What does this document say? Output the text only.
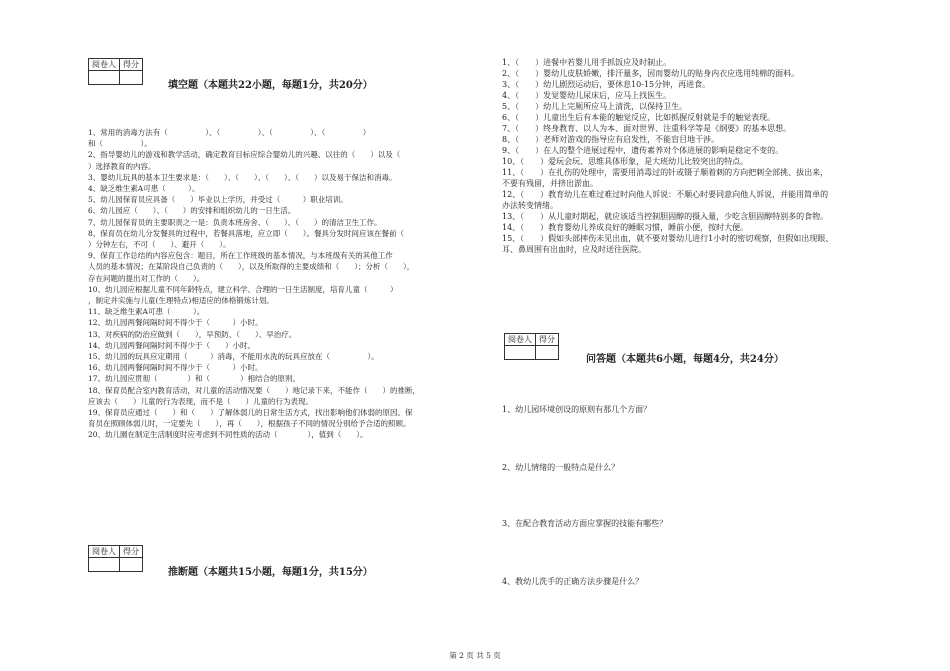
阅卷人	得分

填空题（本题共22小题，每题1分，共20分）

1、常用的消毒方法有（　　　　　）、（　　　　　）、（　　　　　）、（　　　　　）

和（　　　　　）。

2、指导婴幼儿的游戏和教学活动，确定教育目标应综合婴幼儿的兴趣、以往的（　　）以及（

）选择教育的内容。

3、婴幼儿玩具的基本卫生要求是：（　　）、（　　）、（　　）、（　　）以及易于保洁和消毒。

4、缺乏维生素A可患（　　　）。

5、幼儿园保育员应具备（　　）毕业以上学历，并受过（　　　）职业培训。

6、幼儿园应（　　）、（　　）的安排和组织幼儿的一日生活。

7、幼儿园保育员的主要职责之一是：负责本班房舍、（　　）、（　　）的清洁卫生工作。

8、保育员在幼儿分发餐具的过程中，若餐具落地，应立即（　　）。餐具分发时间应该在餐前（

）分钟左右，不可（　　）、避开（　　）。

9、保育工作总结的内容应包含：题目，所在工作班级的基本情况，与本班级有关的其他工作

人员的基本情况；在某阶段自己负责的（　　），以及所取得的主要成绩和（　　）；分析（　　），

存在问题的提出对工作的（　　）。

10、幼儿园应根据儿童不同年龄特点，建立科学、合理的一日生活制度，培育儿童（　　　）

，制定并实施与儿童(生理特点)相适应的体格锻炼计划。

11、缺乏维生素A可患（　　　）。

12、幼儿园两餐间隔时间不得少于（　　　）小时。

13、对疾病的防治应做到（　　），早预防、（　　）、早治疗。

14、幼儿园两餐间隔时间不得少于（　　）小时。

15、幼儿园的玩具应定期用（　　　）消毒，不能用水洗的玩具应放在（　　　　　）。

16、幼儿园两餐间隔时间不得少于（　　　）小时。

17、幼儿园应贯彻（　　　　）和（　　　　）相结合的原则。

18、保育员配合室内教育活动，对儿童的活动情况要（　　）地记录下来，不能作（　　）的推断，

应该去（　　）儿童的行为表现，而不是（　　）儿童的行为表现。

19、保育员应通过（　　）和（　　）了解体弱儿的日常生活方式，找出影响他们体弱的原因。保

育员在照顾体弱儿时，一定要先（　　），再（　　），根据孩子不同的情况分别给予合适的照顾。

20、幼儿園在制定生活制度时应考虑到不同性质的活动（　　　　），值到（　　）。

阅卷人	得分

推断题（本题共15小题，每题1分，共15分）

1、（　　）进餐中若婴儿用手抓饭应及时制止。

2、（　　）婴幼儿皮肤娇嫩，排汗量多，因而婴幼儿的贴身内衣应选用纯棉的面料。

3、（　　）幼儿剧烈运动后，要休息10-15分钟，再进食。

4、（　　）发觉婴幼儿尿床后，应马上找医生。

5、（　　）幼儿上完厕所应马上清洗，以保持卫生。

6、（　　）儿童出生后有本能的触觉反应，比如抓握反射就是手的触觉表现。

7、（　　）终身教育、以人为本、面对世界、注重科学等是《纲要》的基本思想。

8、（　　）老师对游戏的指导应有启发性，不能盲目地干涉。

9、（　　）在人的整个进展过程中，遗传素养对个体进展的影响是稳定不变的。

10、（　　）爱玩会玩、思维具体形象，是大班幼儿比较突出的特点。

11、（　　）在扎伤的处理中，需要用消毒过的针或镊子顺着刺的方向把刺全部挑、拔出来，

不要有残留，并挤出淤血。

12、（　　）教育幼儿在难过难过时向他人诉说：不顺心时要同意向他人诉说，并能用简单的

办法转变情绪。

13、（　　）从儿童时期起，就应该适当控制胆固醇的摄入量，少吃含胆固醇特别多的食物。

14、（　　）教育婴幼儿养成良好的睡眠习惯，睡前小便，按时大便。

15、（　　）假如头部摔伤未见出血，就不要对婴幼儿进行1小时的密切观察，但假如出现眼、

耳、鼻周围有出血时，应及时送往医院。

阅卷人	得分

问答题（本题共6小题，每题4分，共24分）
1、幼儿园环境创设的原则有那几个方面？
2、幼儿情绪的一般特点是什么？
3、在配合教育活动方面应掌握的技能有哪些？
4、教幼儿洗手的正确方法步骤是什么？
第 2 页 共 5 页
